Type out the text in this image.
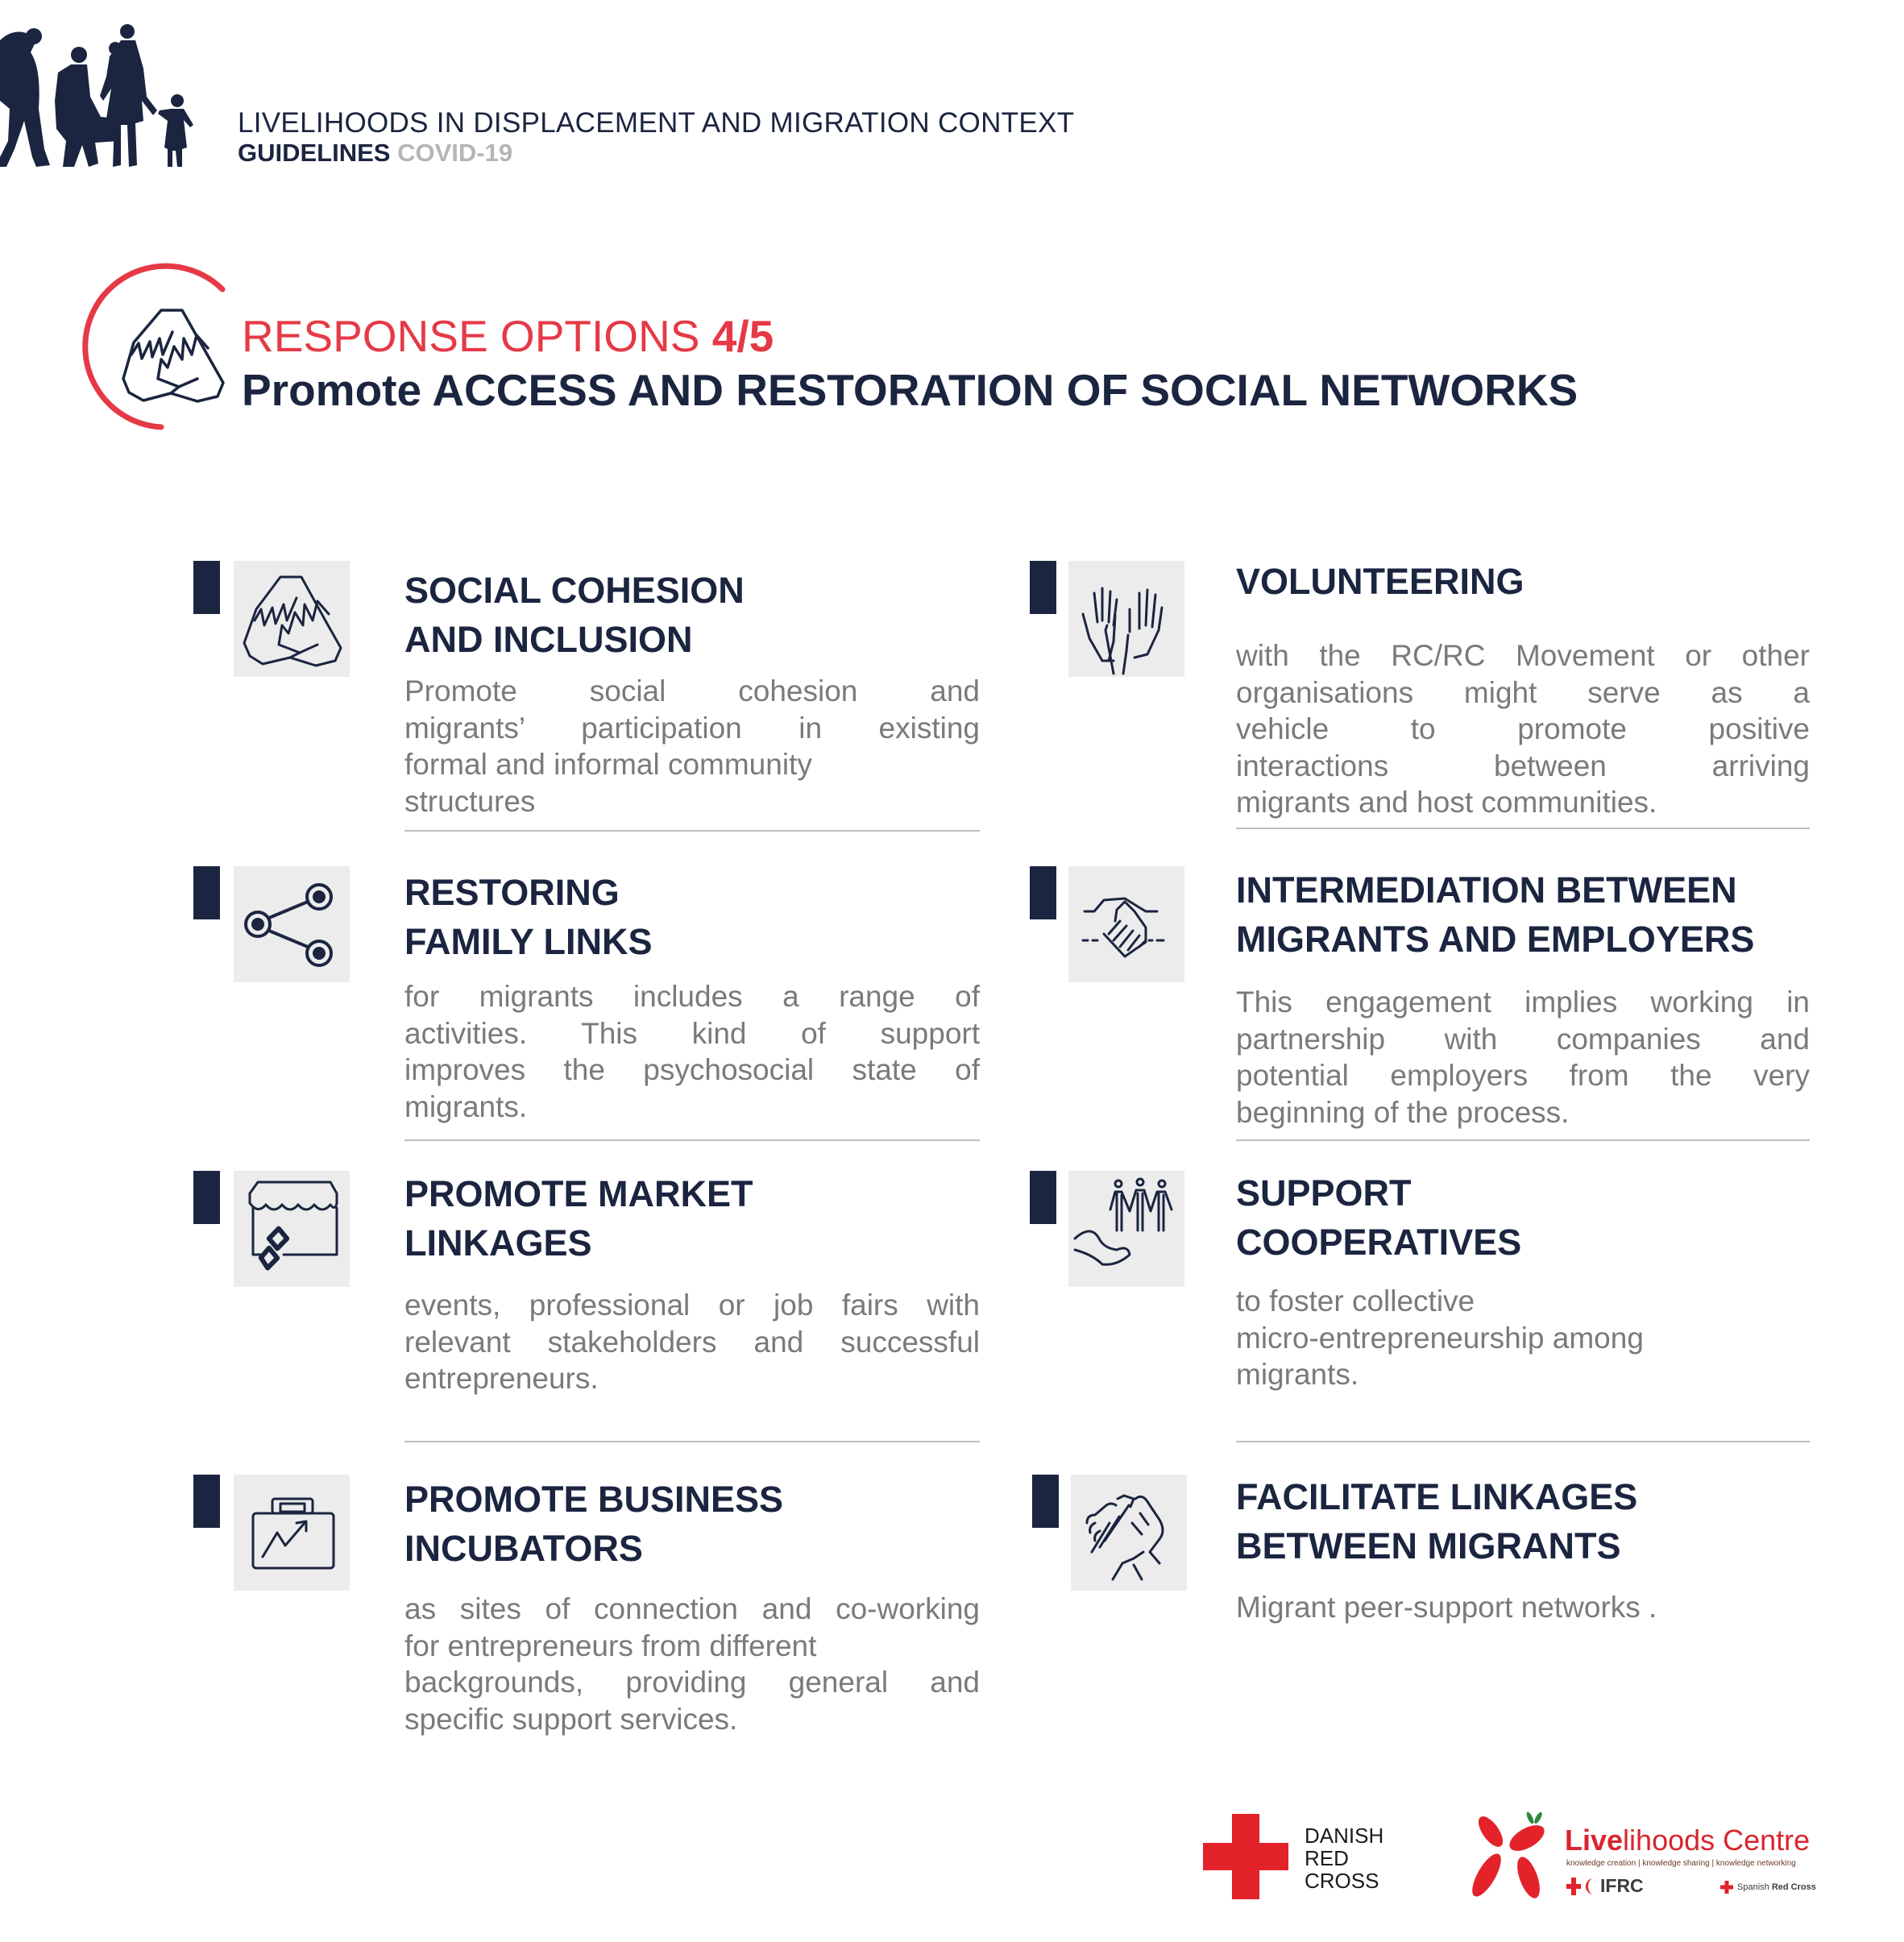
LIVELIHOODS IN DISPLACEMENT AND MIGRATION CONTEXT
GUIDELINES COVID-19
RESPONSE OPTIONS 4/5
Promote ACCESS AND RESTORATION OF SOCIAL NETWORKS
SOCIAL COHESION
AND INCLUSION
Promote social cohesion and
migrants’ participation in existing
formal and informal community
structures
VOLUNTEERING
with the RC/RC Movement or other
organisations might serve as a
vehicle to promote positive
interactions between arriving
migrants and host communities.
RESTORING
FAMILY LINKS
for migrants includes a range of
activities. This kind of support
improves the psychosocial state of
migrants.
INTERMEDIATION BETWEEN
MIGRANTS AND EMPLOYERS
This engagement implies working in
partnership with companies and
potential employers from the very
beginning of the process.
PROMOTE MARKET
LINKAGES
events, professional or job fairs with
relevant stakeholders and successful
entrepreneurs.
SUPPORT
COOPERATIVES
to foster collective
micro-entrepreneurship among
migrants.
PROMOTE BUSINESS
INCUBATORS
as sites of connection and co-working
for entrepreneurs from different
backgrounds, providing general and
specific support services.
FACILITATE LINKAGES
BETWEEN MIGRANTS
Migrant peer-support networks .
DANISH
RED
CROSS
Livelihoods Centre
knowledge creation | knowledge sharing | knowledge networking
IFRC	Spanish Red Cross
